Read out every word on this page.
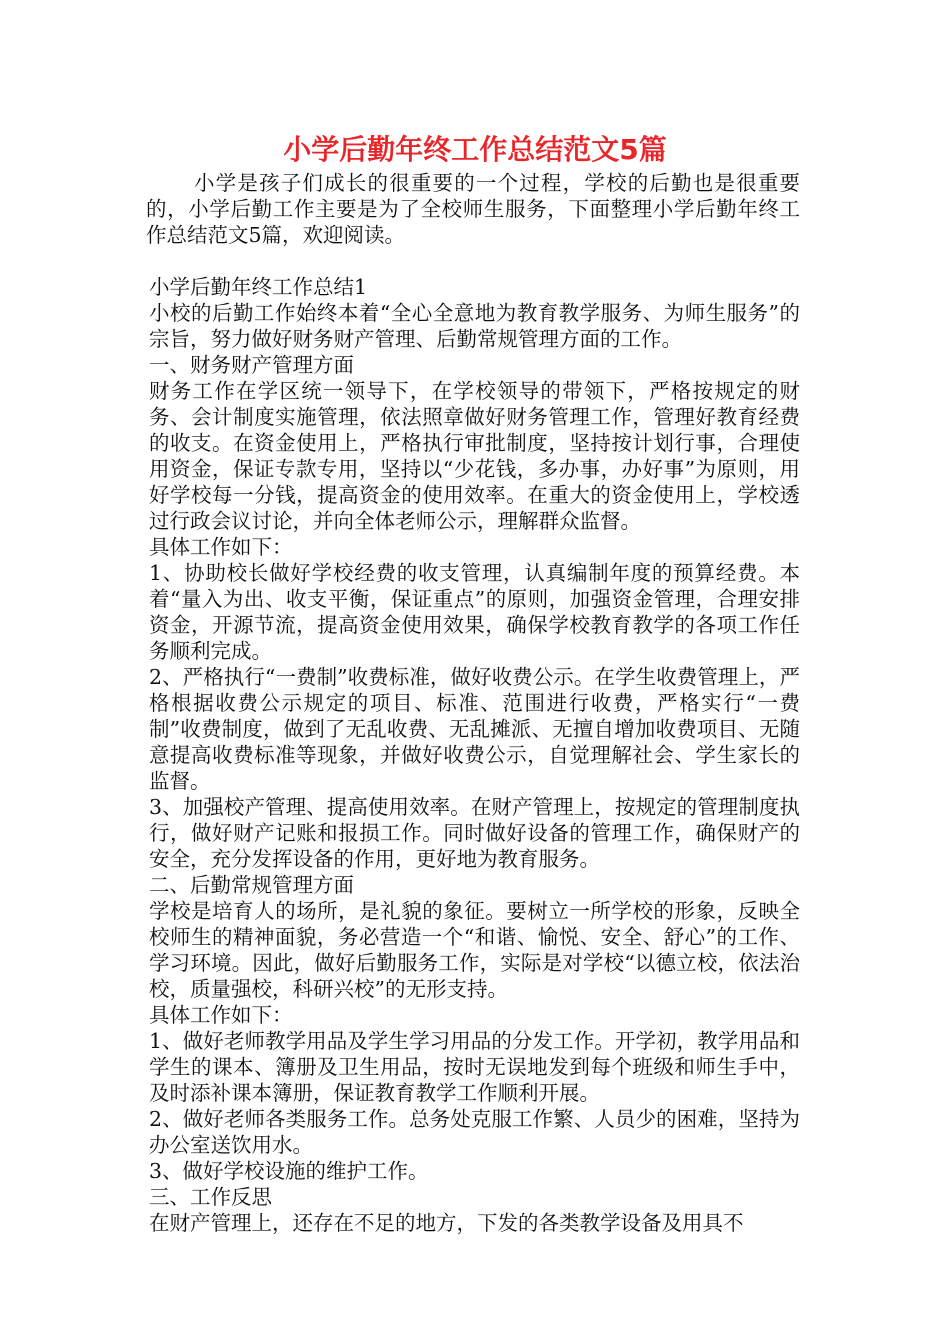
小学后勤年终工作总结范文5篇

小学是孩子们成长的很重要的一个过程，学校的后勤也是很重要的，小学后勤工作主要是为了全校师生服务，下面整理小学后勤年终工作总结范文5篇，欢迎阅读。

小学后勤年终工作总结1

小校的后勤工作始终本着“全心全意地为教育教学服务、为师生服务”的宗旨，努力做好财务财产管理、后勤常规管理方面的工作。

一、财务财产管理方面

财务工作在学区统一领导下，在学校领导的带领下，严格按规定的财务、会计制度实施管理，依法照章做好财务管理工作，管理好教育经费的收支。在资金使用上，严格执行审批制度，坚持按计划行事，合理使用资金，保证专款专用，坚持以“少花钱，多办事，办好事”为原则，用好学校每一分钱，提高资金的使用效率。在重大的资金使用上，学校透过行政会议讨论，并向全体老师公示，理解群众监督。

具体工作如下：

1、协助校长做好学校经费的收支管理，认真编制年度的预算经费。本着“量入为出、收支平衡，保证重点”的原则，加强资金管理，合理安排资金，开源节流，提高资金使用效果，确保学校教育教学的各项工作任务顺利完成。

2、严格执行“一费制”收费标准，做好收费公示。在学生收费管理上，严格根据收费公示规定的项目、标准、范围进行收费，严格实行“一费制”收费制度，做到了无乱收费、无乱摊派、无擅自增加收费项目、无随意提高收费标准等现象，并做好收费公示，自觉理解社会、学生家长的监督。

3、加强校产管理、提高使用效率。在财产管理上，按规定的管理制度执行，做好财产记账和报损工作。同时做好设备的管理工作，确保财产的安全，充分发挥设备的作用，更好地为教育服务。

二、后勤常规管理方面

学校是培育人的场所，是礼貌的象征。要树立一所学校的形象，反映全校师生的精神面貌，务必营造一个“和谐、愉悦、安全、舒心”的工作、学习环境。因此，做好后勤服务工作，实际是对学校“以德立校，依法治校，质量强校，科研兴校”的无形支持。

具体工作如下：

1、做好老师教学用品及学生学习用品的分发工作。开学初，教学用品和学生的课本、簿册及卫生用品，按时无误地发到每个班级和师生手中，及时添补课本簿册，保证教育教学工作顺利开展。

2、做好老师各类服务工作。总务处克服工作繁、人员少的困难，坚持为办公室送饮用水。

3、做好学校设施的维护工作。

三、工作反思

在财产管理上，还存在不足的地方，下发的各类教学设备及用具不
